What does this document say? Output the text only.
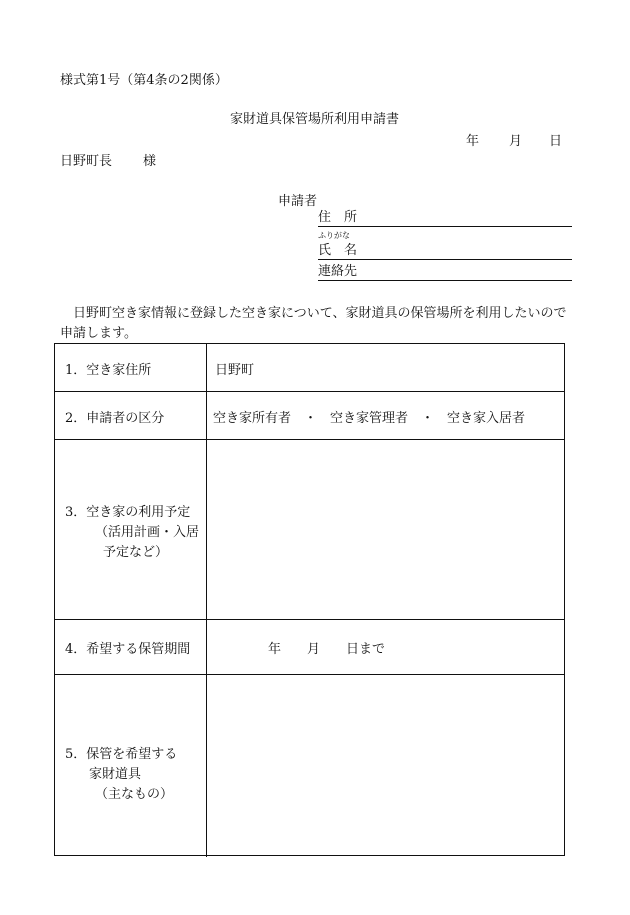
様式第1号（第4条の2関係）
家財道具保管場所利用申請書
年 月 日
日野町長 様
申請者
住　所
ふりがな
氏　名
連絡先
日野町空き家情報に登録した空き家について、家財道具の保管場所を利用したいので申請します。
1．空き家住所	日野町
2．申請者の区分	空き家所有者　・　空き家管理者　・　空き家入居者
3．空き家の利用予定
（活用計画・入居
予定など）
4．希望する保管期間	年　　月　　日まで
5．保管を希望する
家財道具
（主なもの）
